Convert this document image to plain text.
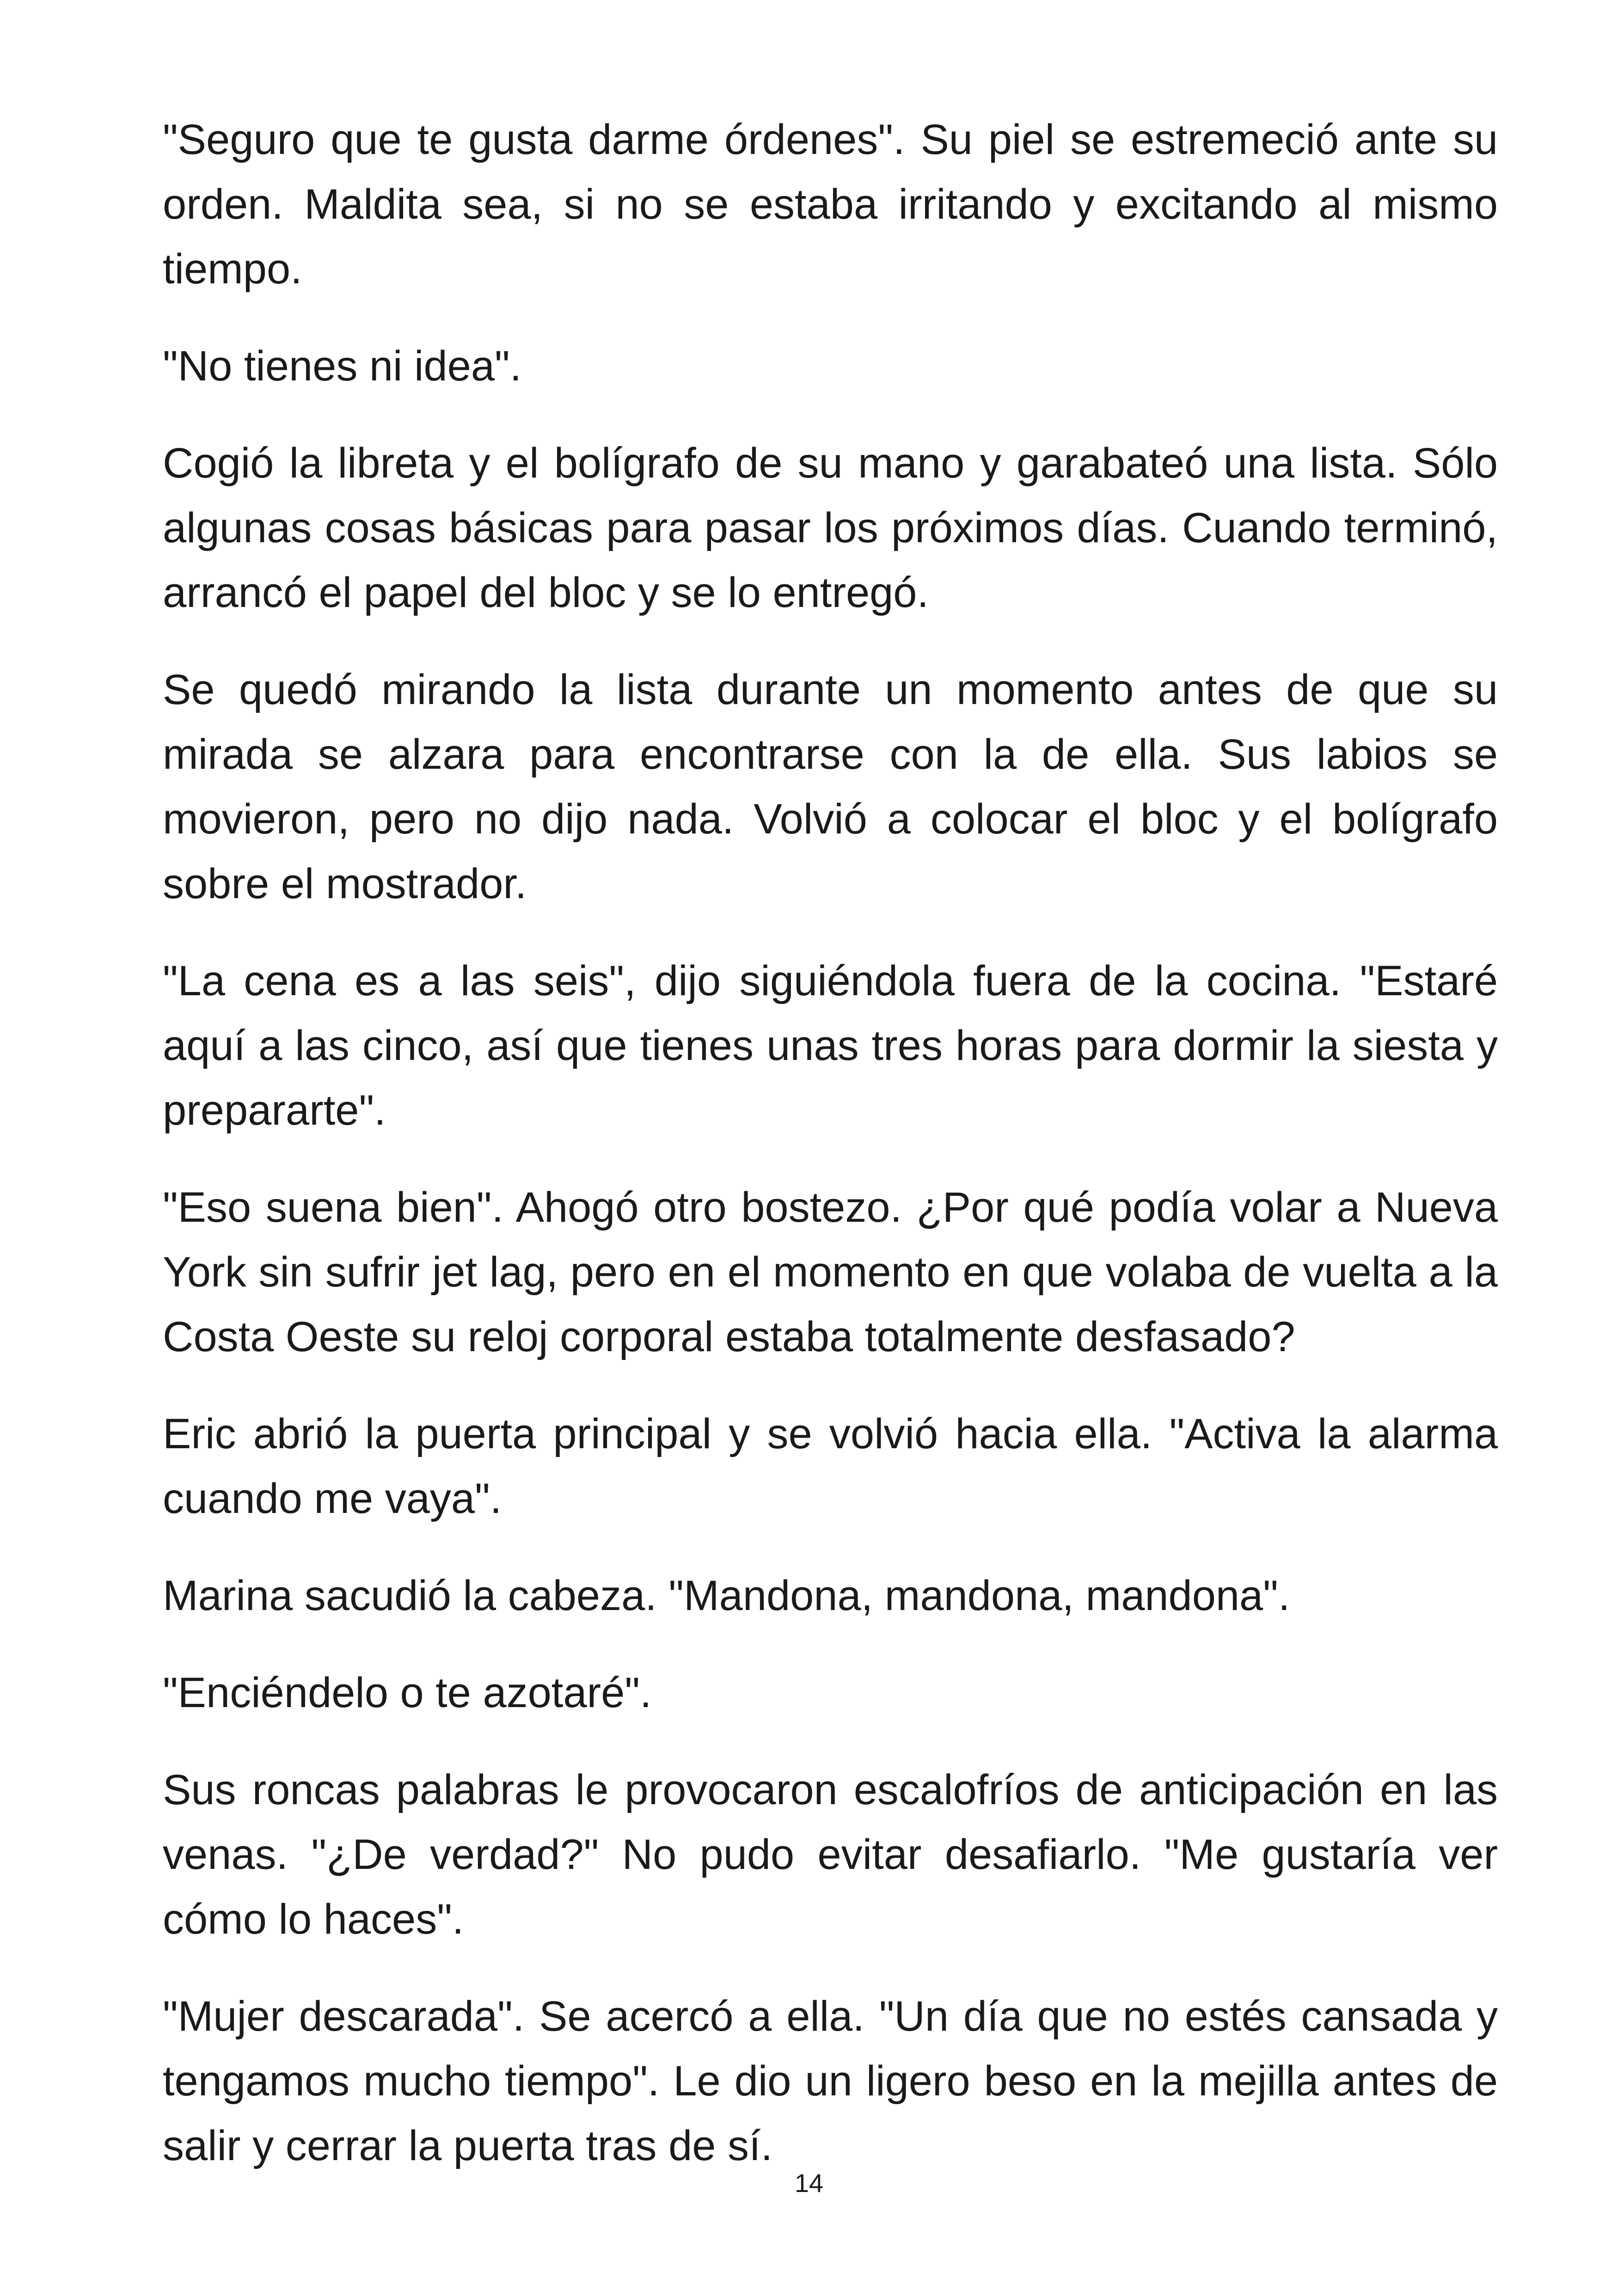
"Seguro que te gusta darme órdenes". Su piel se estremeció ante su orden. Maldita sea, si no se estaba irritando y excitando al mismo tiempo.

"No tienes ni idea".

Cogió la libreta y el bolígrafo de su mano y garabateó una lista. Sólo algunas cosas básicas para pasar los próximos días. Cuando terminó, arrancó el papel del bloc y se lo entregó.

Se quedó mirando la lista durante un momento antes de que su mirada se alzara para encontrarse con la de ella. Sus labios se movieron, pero no dijo nada. Volvió a colocar el bloc y el bolígrafo sobre el mostrador.

"La cena es a las seis", dijo siguiéndola fuera de la cocina. "Estaré aquí a las cinco, así que tienes unas tres horas para dormir la siesta y prepararte".

"Eso suena bien". Ahogó otro bostezo. ¿Por qué podía volar a Nueva York sin sufrir jet lag, pero en el momento en que volaba de vuelta a la Costa Oeste su reloj corporal estaba totalmente desfasado?

Eric abrió la puerta principal y se volvió hacia ella. "Activa la alarma cuando me vaya".

Marina sacudió la cabeza. "Mandona, mandona, mandona".

"Enciéndelo o te azotaré".

Sus roncas palabras le provocaron escalofríos de anticipación en las venas. "¿De verdad?" No pudo evitar desafiarlo. "Me gustaría ver cómo lo haces".

"Mujer descarada". Se acercó a ella. "Un día que no estés cansada y tengamos mucho tiempo". Le dio un ligero beso en la mejilla antes de salir y cerrar la puerta tras de sí.

14
